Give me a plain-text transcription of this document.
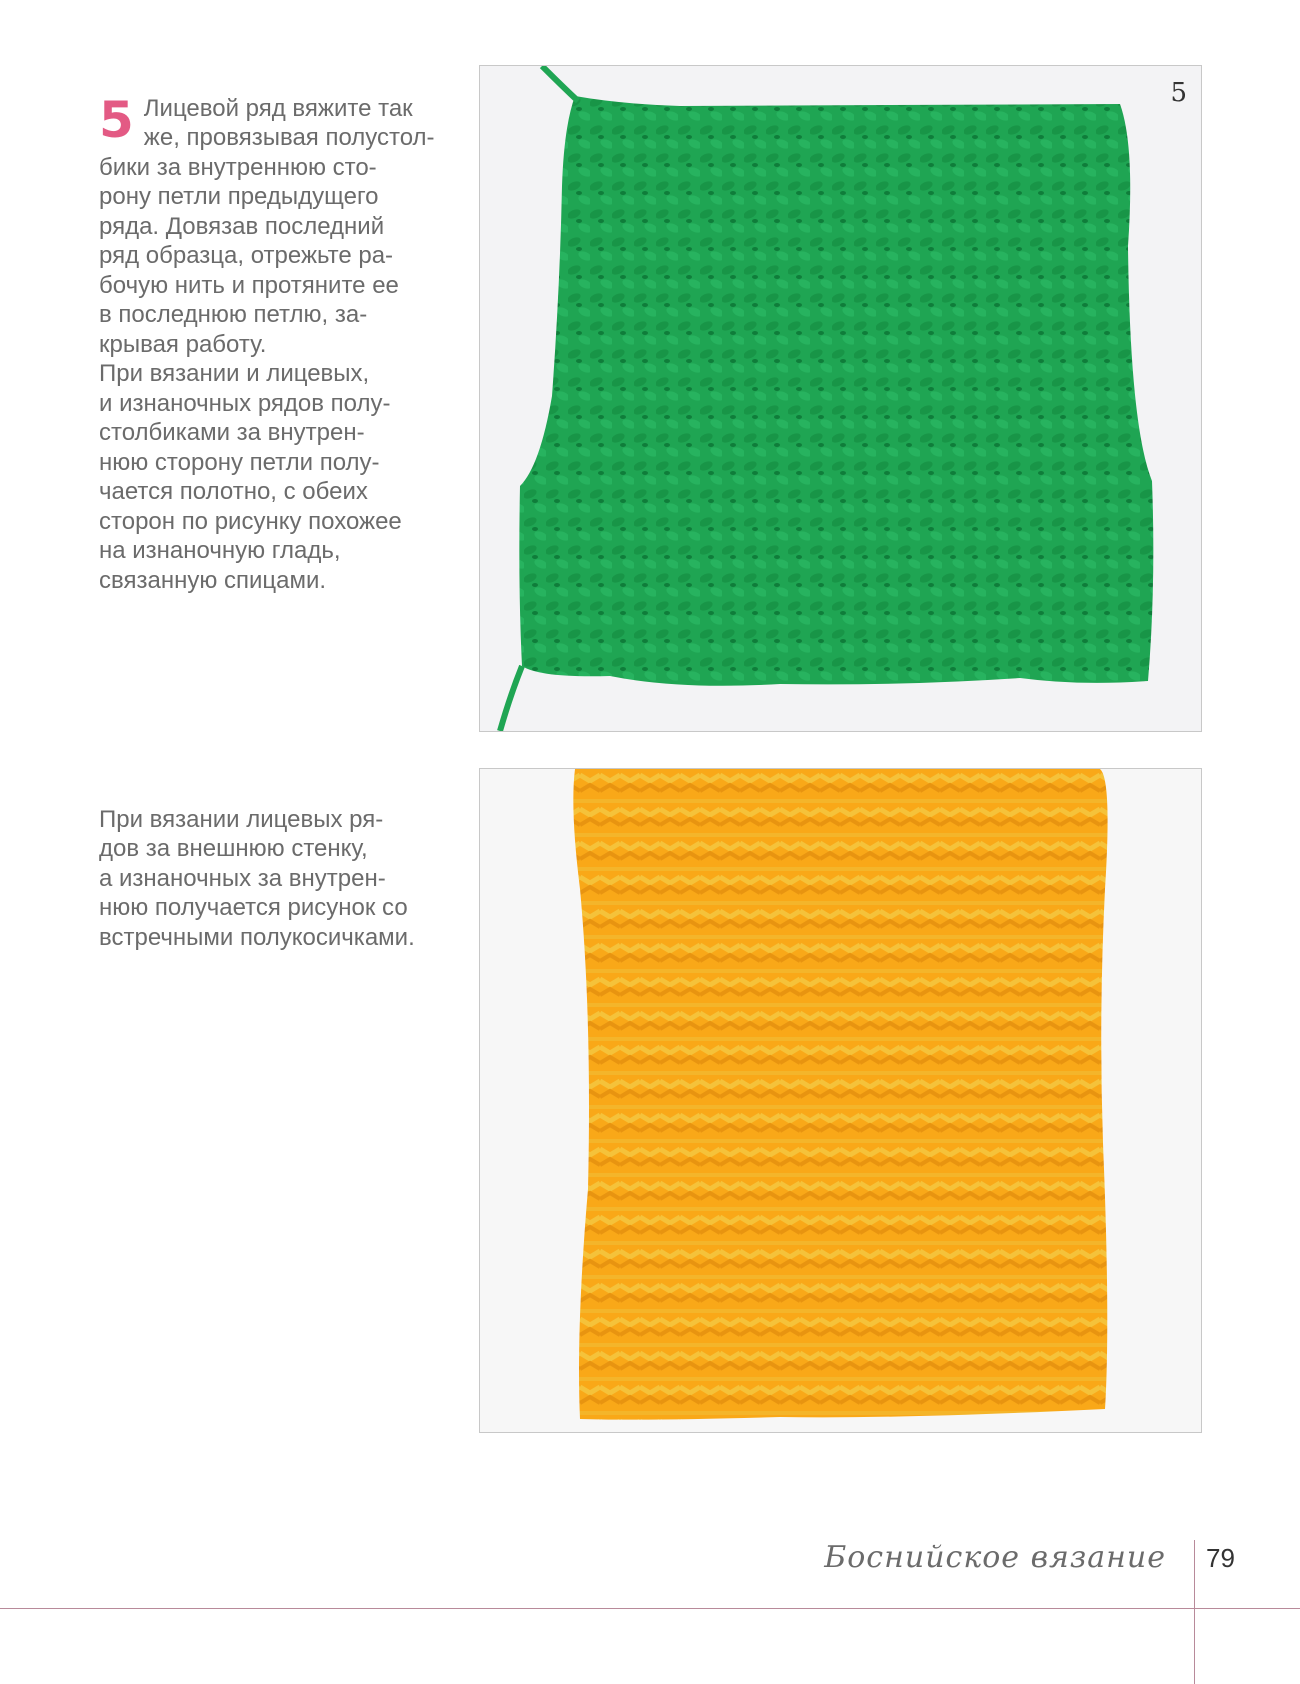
5 Лицевой ряд вяжите так
же, провязывая полустол-
бики за внутреннюю сто-
рону петли предыдущего
ряда. Довязав последний
ряд образца, отрежьте ра-
бочую нить и протяните ее
в последнюю петлю, за-
крывая работу.
При вязании и лицевых,
и изнаночных рядов полу-
столбиками за внутрен-
нюю сторону петли полу-
чается полотно, с обеих
сторон по рисунку похожее
на изнаночную гладь,
связанную спицами.

5

При вязании лицевых ря-
дов за внешнюю стенку,
а изнаночных за внутрен-
нюю получается рисунок со
встречными полукосичками.

Боснийское вязание 79
